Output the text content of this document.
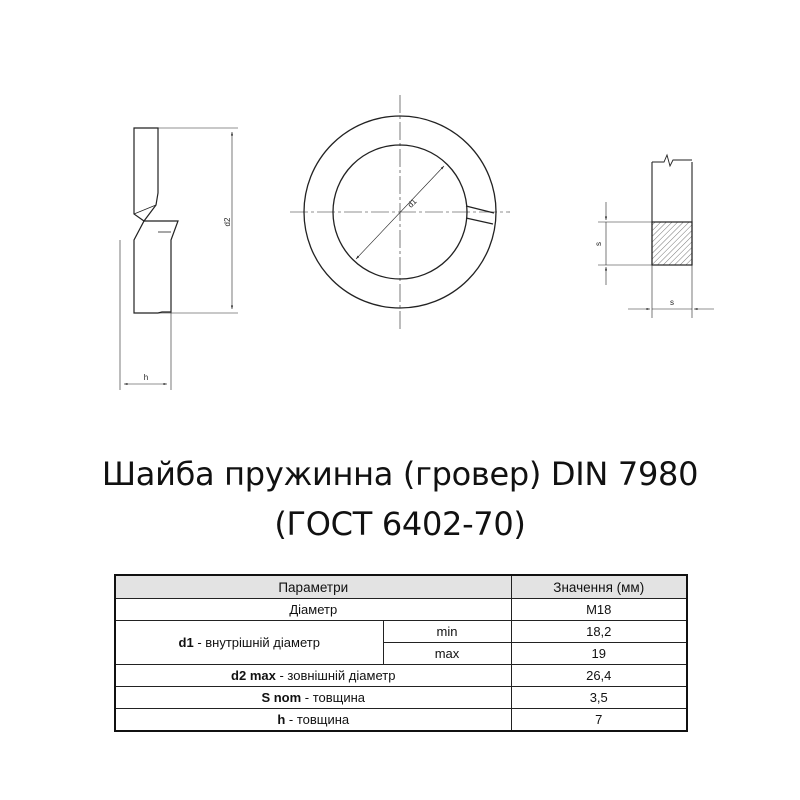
d2
h
d1
s
s
Шайба пружинна (гровер) DIN 7980
(ГОСТ 6402-70)
Параметри		Значення (мм)
Діаметр		M18
d1 - внутрішній діаметр	min	18,2
	max	19
d2 max - зовнішній діаметр		26,4
S nom - товщина		3,5
h - товщина		7
